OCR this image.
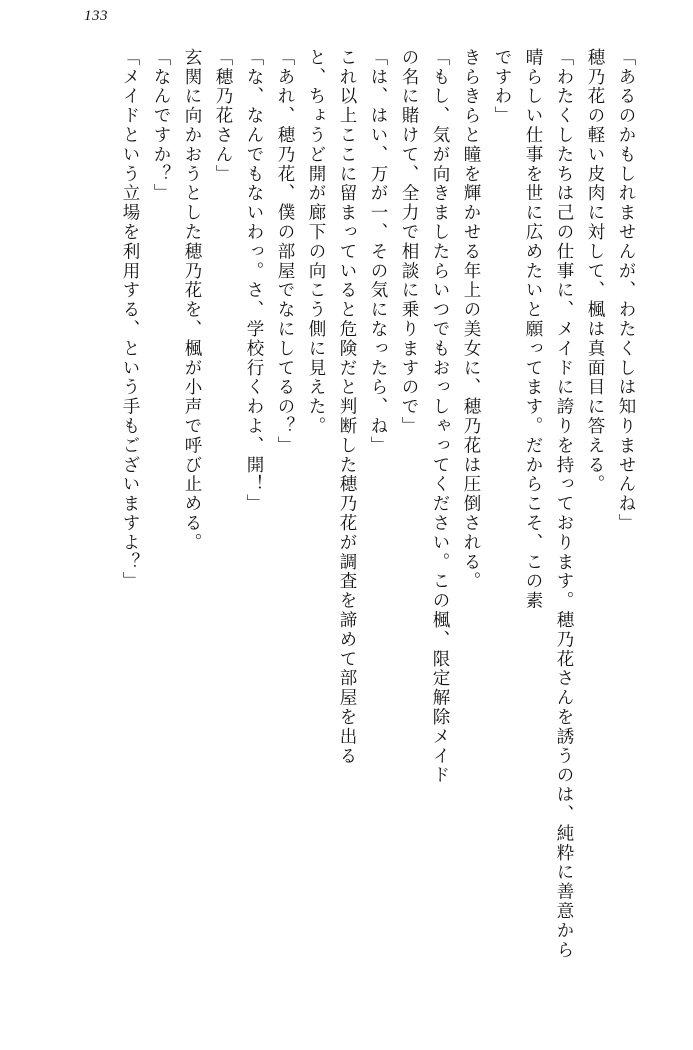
133
「あるのかもしれませんが、わたくしは知りませんね」
穂乃花の軽い皮肉に対して、楓は真面目に答える。
「わたくしたちは己の仕事に、メイドに誇りを持っております。穂乃花さんを誘うのは、純粋に善意から
晴らしい仕事を世に広めたいと願ってます。だからこそ、この素
ですわ」
きらきらと瞳を輝かせる年上の美女に、穂乃花は圧倒される。
「もし、気が向きましたらいつでもおっしゃってください。この楓、限定解除メイド
の名に賭けて、全力で相談に乗りますので」
「は、はい、万が一、その気になったら、ね」
これ以上ここに留まっていると危険だと判断した穂乃花が調査を諦めて部屋を出る
と、ちょうど開が廊下の向こう側に見えた。
「あれ、穂乃花、僕の部屋でなにしてるの？」
「な、なんでもないわっ。さ、学校行くわよ、開！」
「穂乃花さん」
玄関に向かおうとした穂乃花を、楓が小声で呼び止める。
「なんですか？」
「メイドという立場を利用する、という手もございますよ？」
